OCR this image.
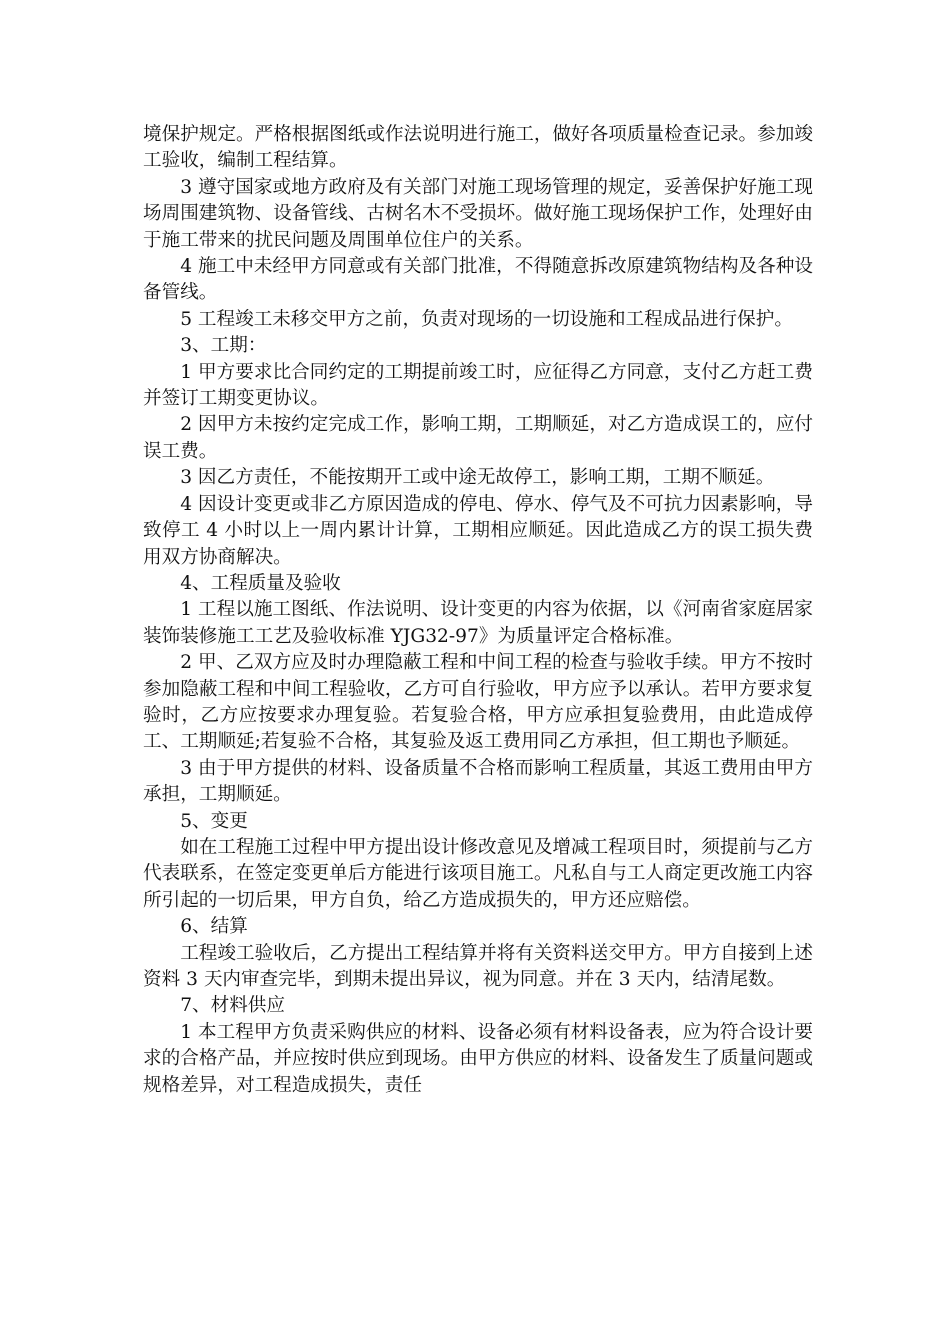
境保护规定。严格根据图纸或作法说明进行施工，做好各项质量检查记录。参加竣工验收，编制工程结算。

3 遵守国家或地方政府及有关部门对施工现场管理的规定，妥善保护好施工现场周围建筑物、设备管线、古树名木不受损坏。做好施工现场保护工作，处理好由于施工带来的扰民问题及周围单位住户的关系。

4 施工中未经甲方同意或有关部门批准，不得随意拆改原建筑物结构及各种设备管线。

5 工程竣工未移交甲方之前，负责对现场的一切设施和工程成品进行保护。

3、工期：

1 甲方要求比合同约定的工期提前竣工时，应征得乙方同意，支付乙方赶工费并签订工期变更协议。

2 因甲方未按约定完成工作，影响工期，工期顺延，对乙方造成误工的，应付误工费。

3 因乙方责任，不能按期开工或中途无故停工，影响工期，工期不顺延。

4 因设计变更或非乙方原因造成的停电、停水、停气及不可抗力因素影响，导致停工 4 小时以上一周内累计计算，工期相应顺延。因此造成乙方的误工损失费用双方协商解决。

4、工程质量及验收

1 工程以施工图纸、作法说明、设计变更的内容为依据，以《河南省家庭居家装饰装修施工工艺及验收标准 YJG32-97》为质量评定合格标准。

2 甲、乙双方应及时办理隐蔽工程和中间工程的检查与验收手续。甲方不按时参加隐蔽工程和中间工程验收，乙方可自行验收，甲方应予以承认。若甲方要求复验时，乙方应按要求办理复验。若复验合格，甲方应承担复验费用，由此造成停工、工期顺延;若复验不合格，其复验及返工费用同乙方承担，但工期也予顺延。

3 由于甲方提供的材料、设备质量不合格而影响工程质量，其返工费用由甲方承担，工期顺延。

5、变更

如在工程施工过程中甲方提出设计修改意见及增减工程项目时，须提前与乙方代表联系，在签定变更单后方能进行该项目施工。凡私自与工人商定更改施工内容所引起的一切后果，甲方自负，给乙方造成损失的，甲方还应赔偿。

6、结算

工程竣工验收后，乙方提出工程结算并将有关资料送交甲方。甲方自接到上述资料 3 天内审查完毕，到期未提出异议，视为同意。并在 3 天内，结清尾数。

7、材料供应

1 本工程甲方负责采购供应的材料、设备必须有材料设备表，应为符合设计要求的合格产品，并应按时供应到现场。由甲方供应的材料、设备发生了质量问题或规格差异，对工程造成损失，责任
